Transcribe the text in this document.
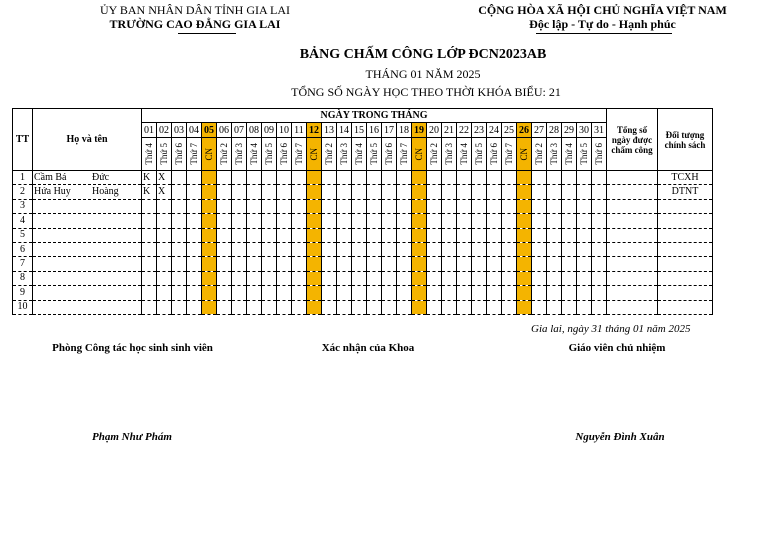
ỦY BAN NHÂN DÂN TỈNH GIA LAI
TRƯỜNG CAO ĐẲNG GIA LAI
CỘNG HÒA XÃ HỘI CHỦ NGHĨA VIỆT NAM
Độc lập - Tự do - Hạnh phúc
BẢNG CHẤM CÔNG LỚP ĐCN2023AB
THÁNG 01 NĂM 2025
TỔNG SỐ NGÀY HỌC THEO THỜI KHÓA BIỂU: 21
TT	Họ và tên	NGÀY TRONG THÁNG																															Tổng số ngày được chấm công	Đối tượng chính sách
		01	02	03	04	05	06	07	08	09	10	11	12	13	14	15	16	17	18	19	20	21	22	23	24	25	26	27	28	29	30	31		

		Thứ 4	Thứ 5	Thứ 6	Thứ 7	CN	Thứ 2	Thứ 3	Thứ 4	Thứ 5	Thứ 6	Thứ 7	CN	Thứ 2	Thứ 3	Thứ 4	Thứ 5	Thứ 6	Thứ 7	CN	Thứ 2	Thứ 3	Thứ 4	Thứ 5	Thứ 6	Thứ 7	CN	Thứ 2	Thứ 3	Thứ 4	Thứ 5	Thứ 6		

1	Cầm Bá Đức	K	X																															TCXH
2	Hứa Huy Hoàng	K	X																															DTNT
3																																		
4																																		
5																																		
6																																		
7																																		
8																																		
9																																		
10																																		
Gia lai, ngày 31 tháng 01 năm 2025
Phòng Công tác học sinh sinh viên	Xác nhận của Khoa	Giáo viên chủ nhiệm
Phạm Như Phám	Nguyễn Đình Xuân
